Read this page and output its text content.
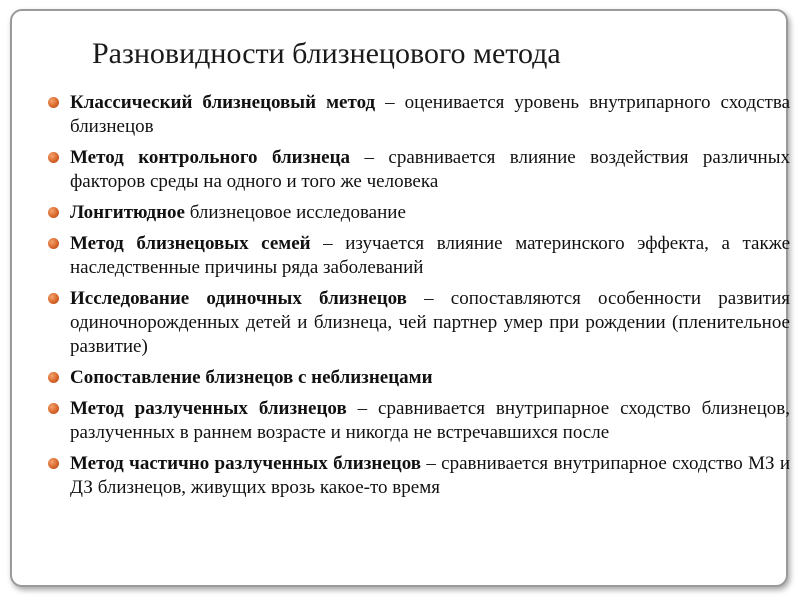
Разновидности близнецового метода
Классический близнецовый метод – оценивается уровень внутрипарного сходства близнецов
Метод контрольного близнеца – сравнивается влияние воздействия различных факторов среды на одного и того же человека
Лонгитюдное близнецовое исследование
Метод близнецовых семей – изучается влияние материнского эффекта, а также наследственные причины ряда заболеваний
Исследование одиночных близнецов – сопоставляются особенности развития одиночнорожденных детей и близнеца, чей партнер умер при рождении (пленительное развитие)
Сопоставление близнецов с неблизнецами
Метод разлученных близнецов – сравнивается внутрипарное сходство близнецов, разлученных в раннем возрасте и никогда не встречавшихся после
Метод частично разлученных близнецов – сравнивается внутрипарное сходство МЗ и ДЗ близнецов, живущих врозь какое-то время
